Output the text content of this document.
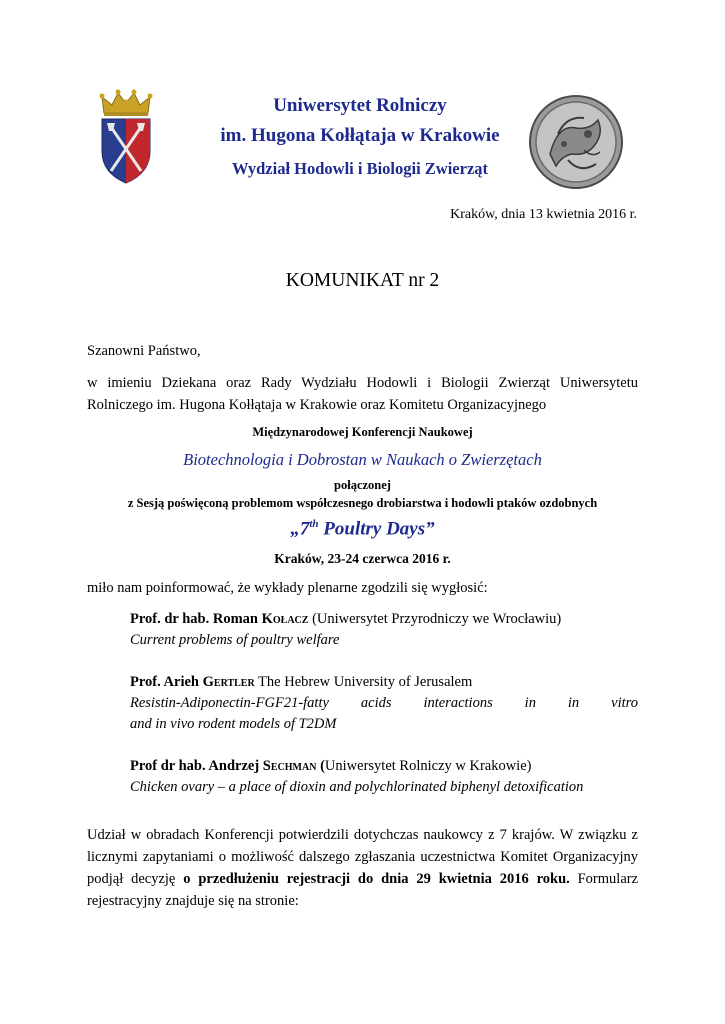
Uniwersytet Rolniczy
im. Hugona Kołłątaja w Krakowie
Wydział Hodowli i Biologii Zwierząt
Kraków, dnia 13 kwietnia 2016 r.
KOMUNIKAT nr 2
Szanowni Państwo,
w imieniu Dziekana oraz Rady Wydziału Hodowli i Biologii Zwierząt Uniwersytetu Rolniczego im. Hugona Kołłątaja w Krakowie oraz Komitetu Organizacyjnego
Międzynarodowej Konferencji Naukowej
Biotechnologia i Dobrostan w Naukach o Zwierzętach
połączonej
z Sesją poświęconą problemom współczesnego drobiarstwa i hodowli ptaków ozdobnych
„7th Poultry Days”
Kraków, 23-24 czerwca 2016 r.
miło nam poinformować, że wykłady plenarne zgodzili się wygłosić:
Prof. dr hab. Roman Kołacz (Uniwersytet Przyrodniczy we Wrocławiu)
Current problems of poultry welfare
Prof. Arieh Gertler The Hebrew University of Jerusalem
Resistin-Adiponectin-FGF21-fatty acids interactions in in vitro
and in vivo rodent models of T2DM
Prof dr hab. Andrzej Sechman (Uniwersytet Rolniczy w Krakowie)
Chicken ovary – a place of dioxin and polychlorinated biphenyl detoxification
Udział w obradach Konferencji potwierdzili dotychczas naukowcy z 7 krajów. W związku z licznymi zapytaniami o możliwość dalszego zgłaszania uczestnictwa Komitet Organizacyjny podjął decyzję o przedłużeniu rejestracji do dnia 29 kwietnia 2016 roku. Formularz rejestracyjny znajduje się na stronie:
